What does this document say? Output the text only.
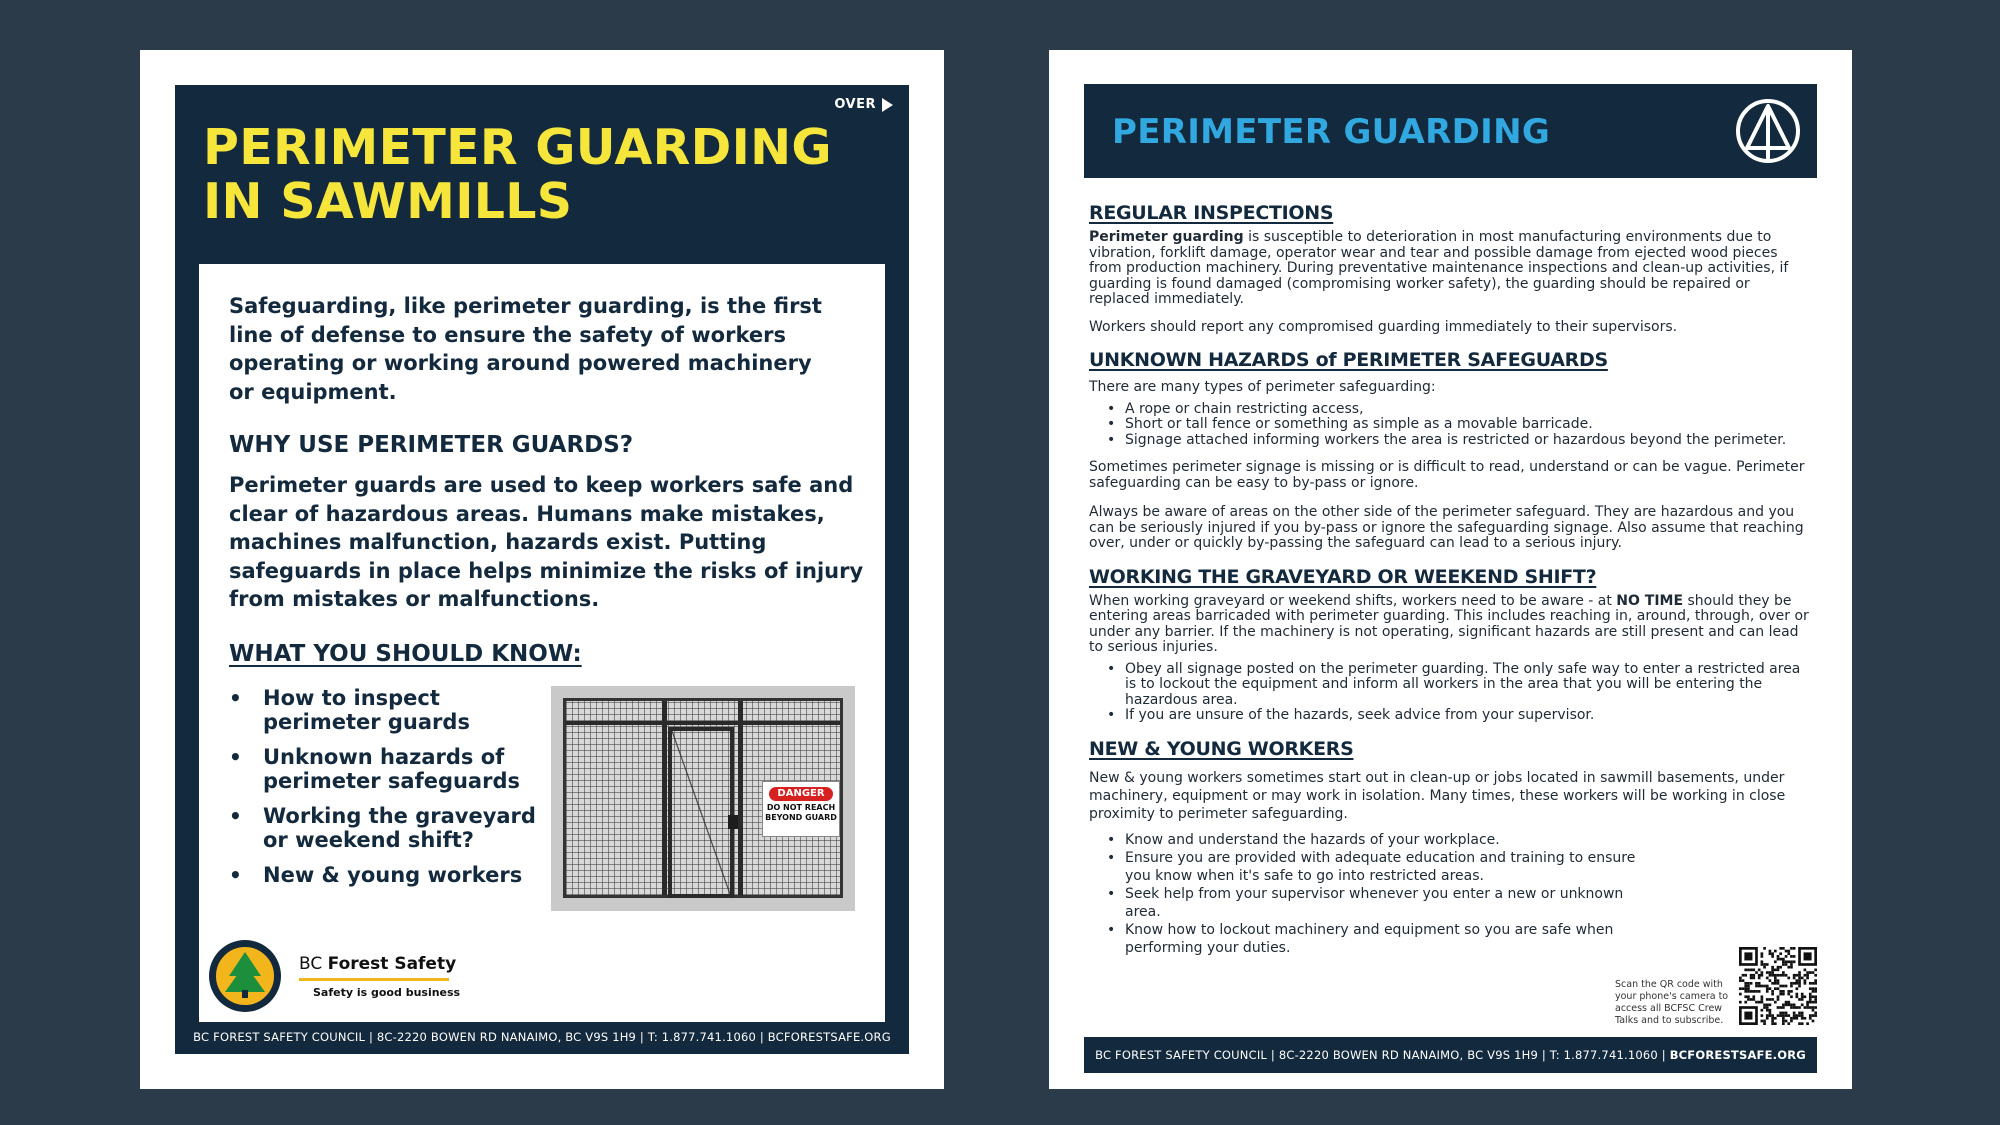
OVER
PERIMETER GUARDING
IN SAWMILLS

Safeguarding, like perimeter guarding, is the first line of defense to ensure the safety of workers operating or working around powered machinery or equipment.

WHY USE PERIMETER GUARDS?

Perimeter guards are used to keep workers safe and clear of hazardous areas. Humans make mistakes, machines malfunction, hazards exist. Putting safeguards in place helps minimize the risks of injury from mistakes or malfunctions.

WHAT YOU SHOULD KNOW:
• How to inspect perimeter guards
• Unknown hazards of perimeter safeguards
• Working the graveyard or weekend shift?
• New & young workers
DANGER
DO NOT REACH BEYOND GUARD
BC Forest Safety
Safety is good business
BC FOREST SAFETY COUNCIL | 8C-2220 BOWEN RD NANAIMO, BC V9S 1H9 | T: 1.877.741.1060 | BCFORESTSAFE.ORG
PERIMETER GUARDING
REGULAR INSPECTIONS

Perimeter guarding is susceptible to deterioration in most manufacturing environments due to vibration, forklift damage, operator wear and tear and possible damage from ejected wood pieces from production machinery. During preventative maintenance inspections and clean-up activities, if guarding is found damaged (compromising worker safety), the guarding should be repaired or replaced immediately.

Workers should report any compromised guarding immediately to their supervisors.

UNKNOWN HAZARDS of PERIMETER SAFEGUARDS

There are many types of perimeter safeguarding:

• A rope or chain restricting access,
• Short or tall fence or something as simple as a movable barricade.
• Signage attached informing workers the area is restricted or hazardous beyond the perimeter.

Sometimes perimeter signage is missing or is difficult to read, understand or can be vague. Perimeter safeguarding can be easy to by-pass or ignore.

Always be aware of areas on the other side of the perimeter safeguard. They are hazardous and you can be seriously injured if you by-pass or ignore the safeguarding signage. Also assume that reaching over, under or quickly by-passing the safeguard can lead to a serious injury.

WORKING THE GRAVEYARD OR WEEKEND SHIFT?

When working graveyard or weekend shifts, workers need to be aware - at NO TIME should they be entering areas barricaded with perimeter guarding. This includes reaching in, around, through, over or under any barrier. If the machinery is not operating, significant hazards are still present and can lead to serious injuries.

• Obey all signage posted on the perimeter guarding. The only safe way to enter a restricted area is to lockout the equipment and inform all workers in the area that you will be entering the hazardous area.
• If you are unsure of the hazards, seek advice from your supervisor.
NEW & YOUNG WORKERS

New & young workers sometimes start out in clean-up or jobs located in sawmill basements, under machinery, equipment or may work in isolation. Many times, these workers will be working in close proximity to perimeter safeguarding.

• Know and understand the hazards of your workplace.
• Ensure you are provided with adequate education and training to ensure you know when it's safe to go into restricted areas.
• Seek help from your supervisor whenever you enter a new or unknown area.
• Know how to lockout machinery and equipment so you are safe when performing your duties.
Scan the QR code with your phone's camera to access all BCFSC Crew Talks and to subscribe.
BC FOREST SAFETY COUNCIL | 8C-2220 BOWEN RD NANAIMO, BC V9S 1H9 | T: 1.877.741.1060 | BCFORESTSAFE.ORG
